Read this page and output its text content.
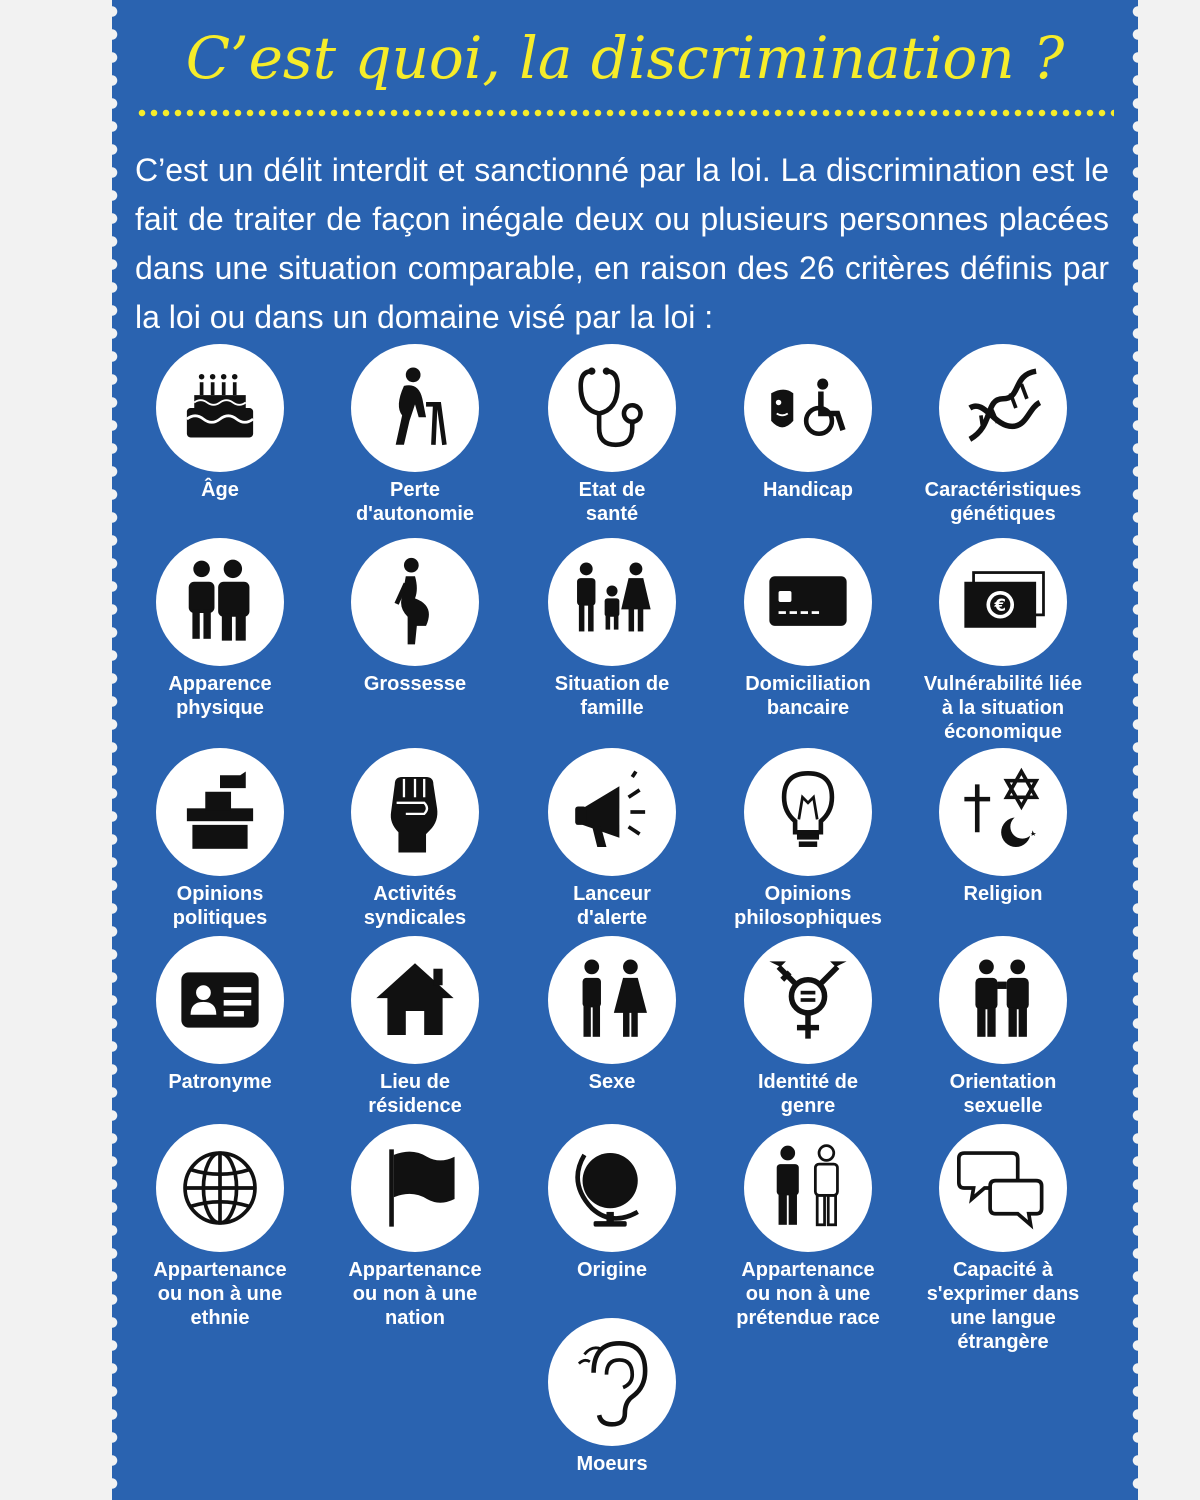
C’est quoi, la discrimination ?

C’est un délit interdit et sanctionné par la loi. La discrimination est le fait de traiter de façon inégale deux ou plusieurs personnes placées dans une situation comparable, en raison des 26 critères définis par la loi ou dans un domaine visé par la loi :

Âge	Perte
d'autonomie
Etat de
santé
Handicap	Caractéristiques
génétiques
Apparence
physique
Grossesse	Situation de
famille
Domiciliation
bancaire
€
Vulnérabilité liée
à la situation
économique
Opinions
politiques
Activités
syndicales
Lanceur
d'alerte
Opinions
philosophiques
Religion
Patronyme	Lieu de
résidence
Sexe	Identité de
genre
Orientation
sexuelle
Appartenance
ou non à une
ethnie
Appartenance
ou non à une
nation
Origine	Appartenance
ou non à une
prétendue race
Capacité à
s'exprimer dans
une langue
étrangère
Moeurs
